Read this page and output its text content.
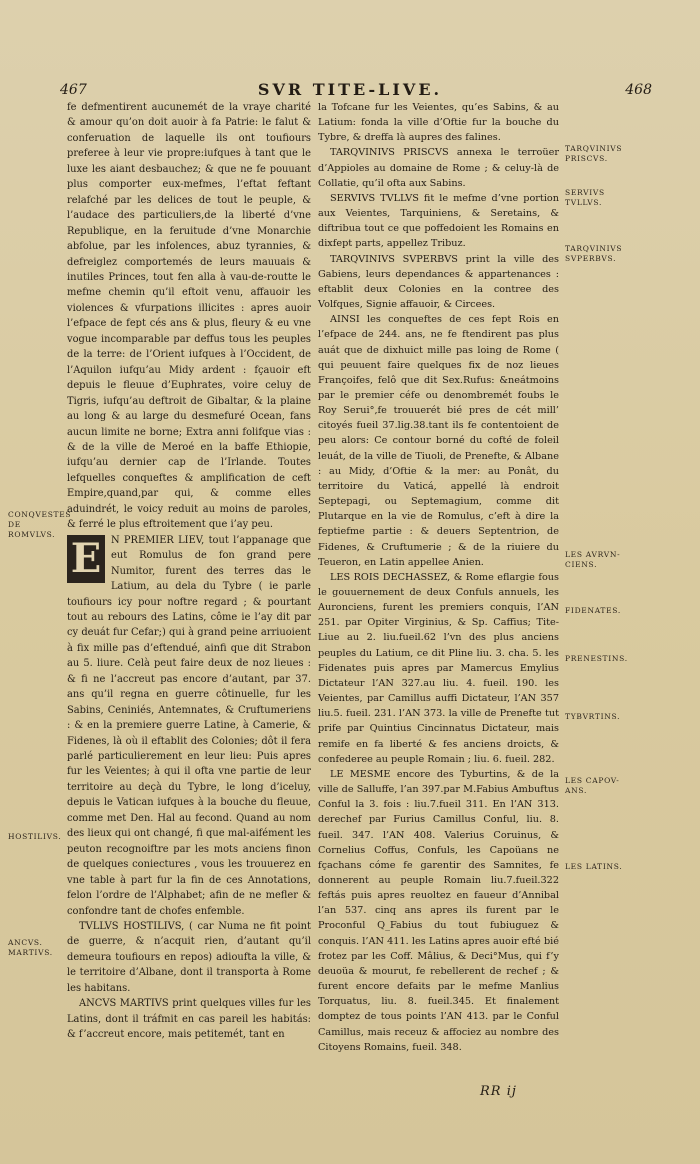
467	SVR TITE-LIVE.	468
CONQVESTES
DE ROMVLVS.
HOSTILIVS.
ANCVS.
MARTIVS.

fe defmentirent aucunemét de la vraye charité & amour qu’on doit auoir à fa Patrie: le falut & conferuation de laquelle ils ont toufiours preferee à leur vie propre:iufques à tant que le luxe les aiant desbauchez; & que ne fe pouuant plus comporter eux-mefmes, l’eftat feftant relafché par les delices de tout le peuple, & l’audace des particuliers,de la liberté d’vne Republique, en la feruitude d’vne Monarchie abfolue, par les infolences, abuz tyrannies, & defreiglez comportemés de leurs mauuais & inutiles Princes, tout fen alla à vau-de-routte le mefme chemin qu’il eftoit venu, affauoir les violences & vfurpations illicites : apres auoir l’efpace de fept cés ans & plus, fleury & eu vne vogue incomparable par deffus tous les peuples de la terre: de l’Orient iufques à l’Occident, de l’Aquilon iufqu’au Midy ardent : fçauoir eft depuis le fleuue d’Euphrates, voire celuy de Tigris, iufqu’au deftroit de Gibaltar, & la plaine au long & au large du desmefuré Ocean, fans aucun limite ne borne; Extra anni folifque vias : & de la ville de Meroé en la baffe Ethiopie, iufqu’au dernier cap de l’Irlande. Toutes lefquelles conqueftes & amplification de ceft Empire,quand,par qui, & comme elles aduindrét, le voicy reduit au moins de paroles, & ferré le plus eftroitement que i’ay peu.

E N PREMIER LIEV, tout l’appanage que eut Romulus de fon grand pere Numitor, furent des terres das le Latium, au dela du Tybre ( ie parle toufiours icy pour noftre regard ; & pourtant tout au rebours des Latins, côme ie l’ay dit par cy deuát fur Cefar;) qui à grand peine arriuoient à fix mille pas d’eftendué, ainfi que dit Strabon au 5. liure. Celà peut faire deux de noz lieues : & fi ne l’accreut pas encore d’autant, par 37. ans qu’il regna en guerre côtinuelle, fur les Sabins, Ceniniés, Antemnates, & Cruftumeriens : & en la premiere guerre Latine, à Camerie, & Fidenes, là où il eftablit des Colonies; dôt il fera parlé particulierement en leur lieu: Puis apres fur les Veientes; à qui il ofta vne partie de leur territoire au deçà du Tybre, le long d’iceluy, depuis le Vatican iufques à la bouche du fleuue, comme met Den. Hal au fecond. Quand au nom des lieux qui ont changé, fi que mal-aifément les peuton recognoiftre par les mots anciens finon de quelques coniectures , vous les trouuerez en vne table à part fur la fin de ces Annotations, felon l’ordre de l’Alphabet; afin de ne mefler & confondre tant de chofes enfemble.

TVLLVS HOSTILIVS, ( car Numa ne fit point de guerre, & n’acquit rien, d’autant qu’il demeura toufiours en repos) adioufta la ville, & le territoire d’Albane, dont il transporta à Rome les habitans.

ANCVS MARTIVS print quelques villes fur les Latins, dont il tráfmit en cas pareil les habitás: & f’accreut encore, mais petitemét, tant en

la Tofcane fur les Veientes, qu’es Sabins, & au Latium: fonda la ville d’Oftie fur la bouche du Tybre, & dreffa là aupres des falines.

TARQVINIVS PRISCVS annexa le terroüer d’Appioles au domaine de Rome ; & celuy-là de Collatie, qu’il ofta aux Sabins.

SERVIVS TVLLVS fit le mefme d’vne portion aux Veientes, Tarquiniens, & Seretains, & diftribua tout ce que poffedoient les Romains en dixfept parts, appellez Tribuz.

TARQVINIVS SVPERBVS print la ville des Gabiens, leurs dependances & appartenances : eftablit deux Colonies en la contree des Volfques, Signie affauoir, & Circees.

AINSI les conqueftes de ces fept Rois en l’efpace de 244. ans, ne fe ftendirent pas plus auát que de dixhuict mille pas loing de Rome ( qui peuuent faire quelques fix de noz lieues Françoifes, felô que dit Sex.Rufus: &neátmoins par le premier céfe ou denombremét foubs le Roy Serui°,fe trouuerét bié pres de cét mill’ citoyés fueil 37.lig.38.tant ils fe contentoient de peu alors: Ce contour borné du cofté de foleil leuát, de la ville de Tiuoli, de Prenefte, & Albane : au Midy, d’Oftie & la mer: au Ponât, du territoire du Vaticá, appellé là endroit Septepagi, ou Septemagium, comme dit Plutarque en la vie de Romulus, c’eft à dire la feptiefme partie : & deuers Septentrion, de Fidenes, & Cruftumerie ; & de la riuiere du Teueron, en Latin appellee Anien.

LES ROIS DECHASSEZ, & Rome eflargie fous le gouuernement de deux Confuls annuels, les Auronciens, furent les premiers conquis, l’AN 251. par Opiter Virginius, & Sp. Caffius; Tite-Liue au 2. liu.fueil.62 l’vn des plus anciens peuples du Latium, ce dit Pline liu. 3. cha. 5. les Fidenates puis apres par Mamercus Emylius Dictateur l’AN 327.au liu. 4. fueil. 190. les Veientes, par Camillus auffi Dictateur, l’AN 357 liu.5. fueil. 231. l’AN 373. la ville de Prenefte tut prife par Quintius Cincinnatus Dictateur, mais remife en fa liberté & fes anciens droicts, & confederee au peuple Romain ; liu. 6. fueil. 282.

LE MESME encore des Tyburtins, & de la ville de Salluffe, l’an 397.par M.Fabius Ambuftus Conful la 3. fois : liu.7.fueil 311. En l’AN 313. derechef par Furius Camillus Conful, liu. 8. fueil. 347. l’AN 408. Valerius Coruinus, & Cornelius Coffus, Confuls, les Capoüans ne fçachans cóme fe garentir des Samnites, fe donnerent au peuple Romain liu.7.fueil.322 feftás puis apres reuoltez en faueur d’Annibal l’an 537. cinq ans apres ils furent par le Proconful Q_Fabius du tout fubiuguez & conquis. l’AN 411. les Latins apres auoir efté bié frotez par les Coff. Mâlius, & Deci°Mus, qui f’y deuoüa & mourut, fe rebellerent de rechef ; & furent encore defaits par le mefme Manlius Torquatus, liu. 8. fueil.345. Et finalement domptez de tous points l’AN 413. par le Conful Camillus, mais receuz & affociez au nombre des Citoyens Romains, fueil. 348.

TARQVINIVS
PRISCVS.
SERVIVS
TVLLVS.
TARQVINIVS
SVPERBVS.
LES AVRVN-
CIENS.
FIDENATES.
PRENESTINS.
TYBVRTINS.
LES CAPOV-
ANS.
LES LATINS.
RR ij
